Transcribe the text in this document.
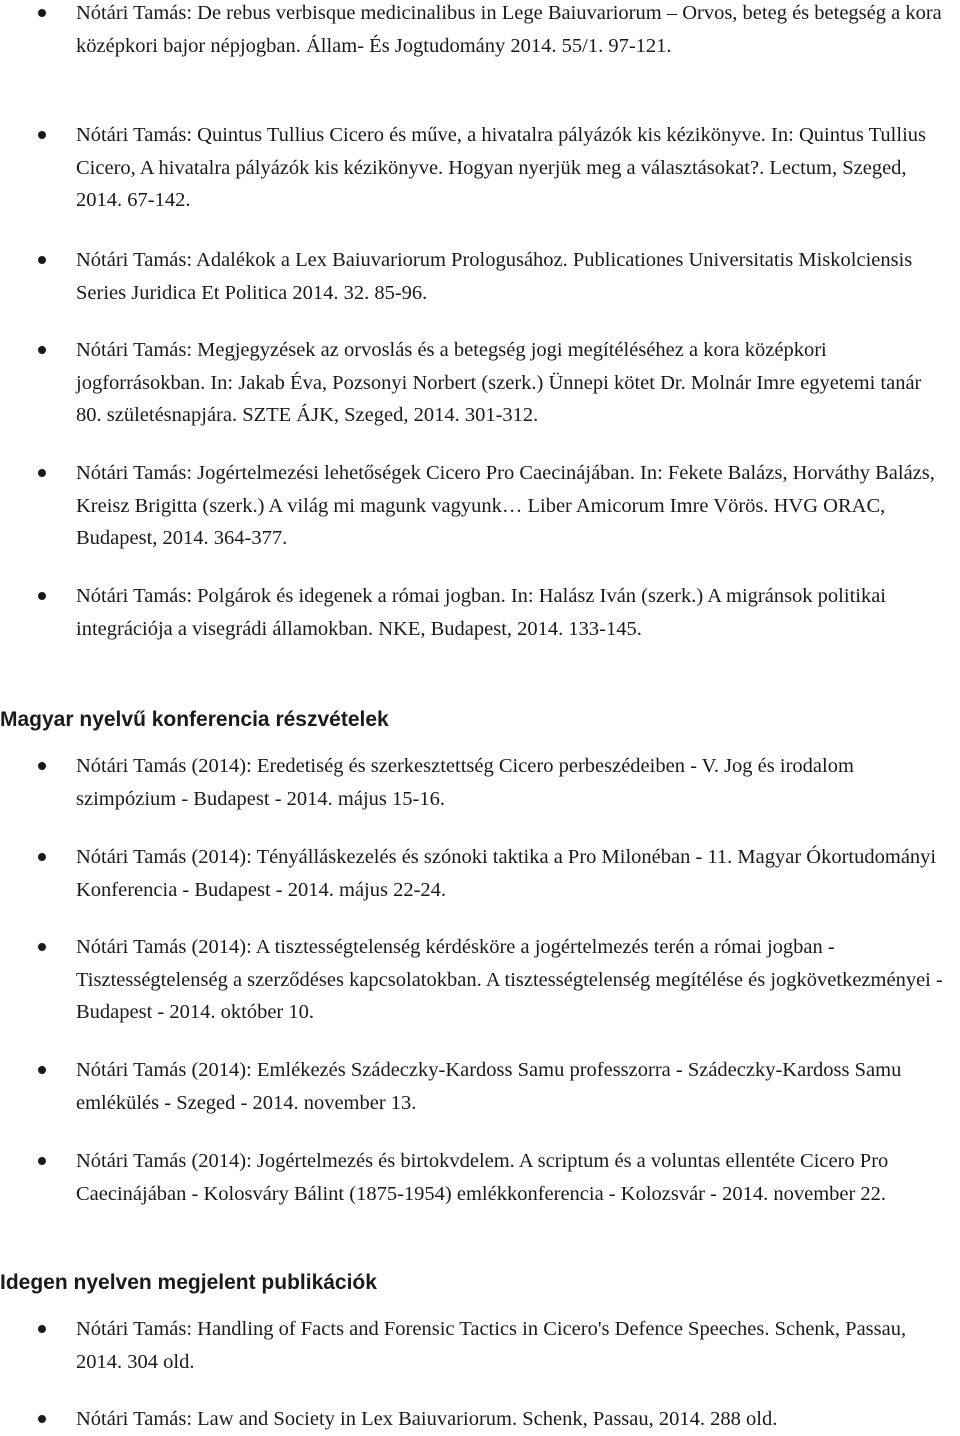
Nótári Tamás: De rebus verbisque medicinalibus in Lege Baiuvariorum – Orvos, beteg és betegség a kora középkori bajor népjogban. Állam- És Jogtudomány 2014. 55/1. 97-121.
Nótári Tamás: Quintus Tullius Cicero és műve, a hivatalra pályázók kis kézikönyve. In: Quintus Tullius Cicero, A hivatalra pályázók kis kézikönyve. Hogyan nyerjük meg a választásokat?. Lectum, Szeged, 2014. 67-142.
Nótári Tamás: Adalékok a Lex Baiuvariorum Prologusához. Publicationes Universitatis Miskolciensis Series Juridica Et Politica 2014. 32. 85-96.
Nótári Tamás: Megjegyzések az orvoslás és a betegség jogi megítéléséhez a kora középkori jogforrásokban. In: Jakab Éva, Pozsonyi Norbert (szerk.) Ünnepi kötet Dr. Molnár Imre egyetemi tanár 80. születésnapjára. SZTE ÁJK, Szeged, 2014. 301-312.
Nótári Tamás: Jogértelmezési lehetőségek Cicero Pro Caecinájában. In: Fekete Balázs, Horváthy Balázs, Kreisz Brigitta (szerk.) A világ mi magunk vagyunk… Liber Amicorum Imre Vörös. HVG ORAC, Budapest, 2014. 364-377.
Nótári Tamás: Polgárok és idegenek a római jogban. In: Halász Iván (szerk.) A migránsok politikai integrációja a visegrádi államokban. NKE, Budapest, 2014. 133-145.
Magyar nyelvű konferencia részvételek
Nótári Tamás (2014): Eredetiség és szerkesztettség Cicero perbeszédeiben - V. Jog és irodalom szimpózium - Budapest - 2014. május 15-16.
Nótári Tamás (2014): Tényálláskezelés és szónoki taktika a Pro Milonéban - 11. Magyar Ókortudományi Konferencia - Budapest - 2014. május 22-24.
Nótári Tamás (2014): A tisztességtelenség kérdésköre a jogértelmezés terén a római jogban - Tisztességtelenség a szerződéses kapcsolatokban. A tisztességtelenség megítélése és jogkövetkezményei - Budapest - 2014. október 10.
Nótári Tamás (2014): Emlékezés Szádeczky-Kardoss Samu professzorra - Szádeczky-Kardoss Samu emlékülés - Szeged - 2014. november 13.
Nótári Tamás (2014): Jogértelmezés és birtokvdelem. A scriptum és a voluntas ellentéte Cicero Pro Caecinájában - Kolosváry Bálint (1875-1954) emlékkonferencia - Kolozsvár - 2014. november 22.
Idegen nyelven megjelent publikációk
Nótári Tamás: Handling of Facts and Forensic Tactics in Cicero's Defence Speeches. Schenk, Passau, 2014. 304 old.
Nótári Tamás: Law and Society in Lex Baiuvariorum. Schenk, Passau, 2014. 288 old.
